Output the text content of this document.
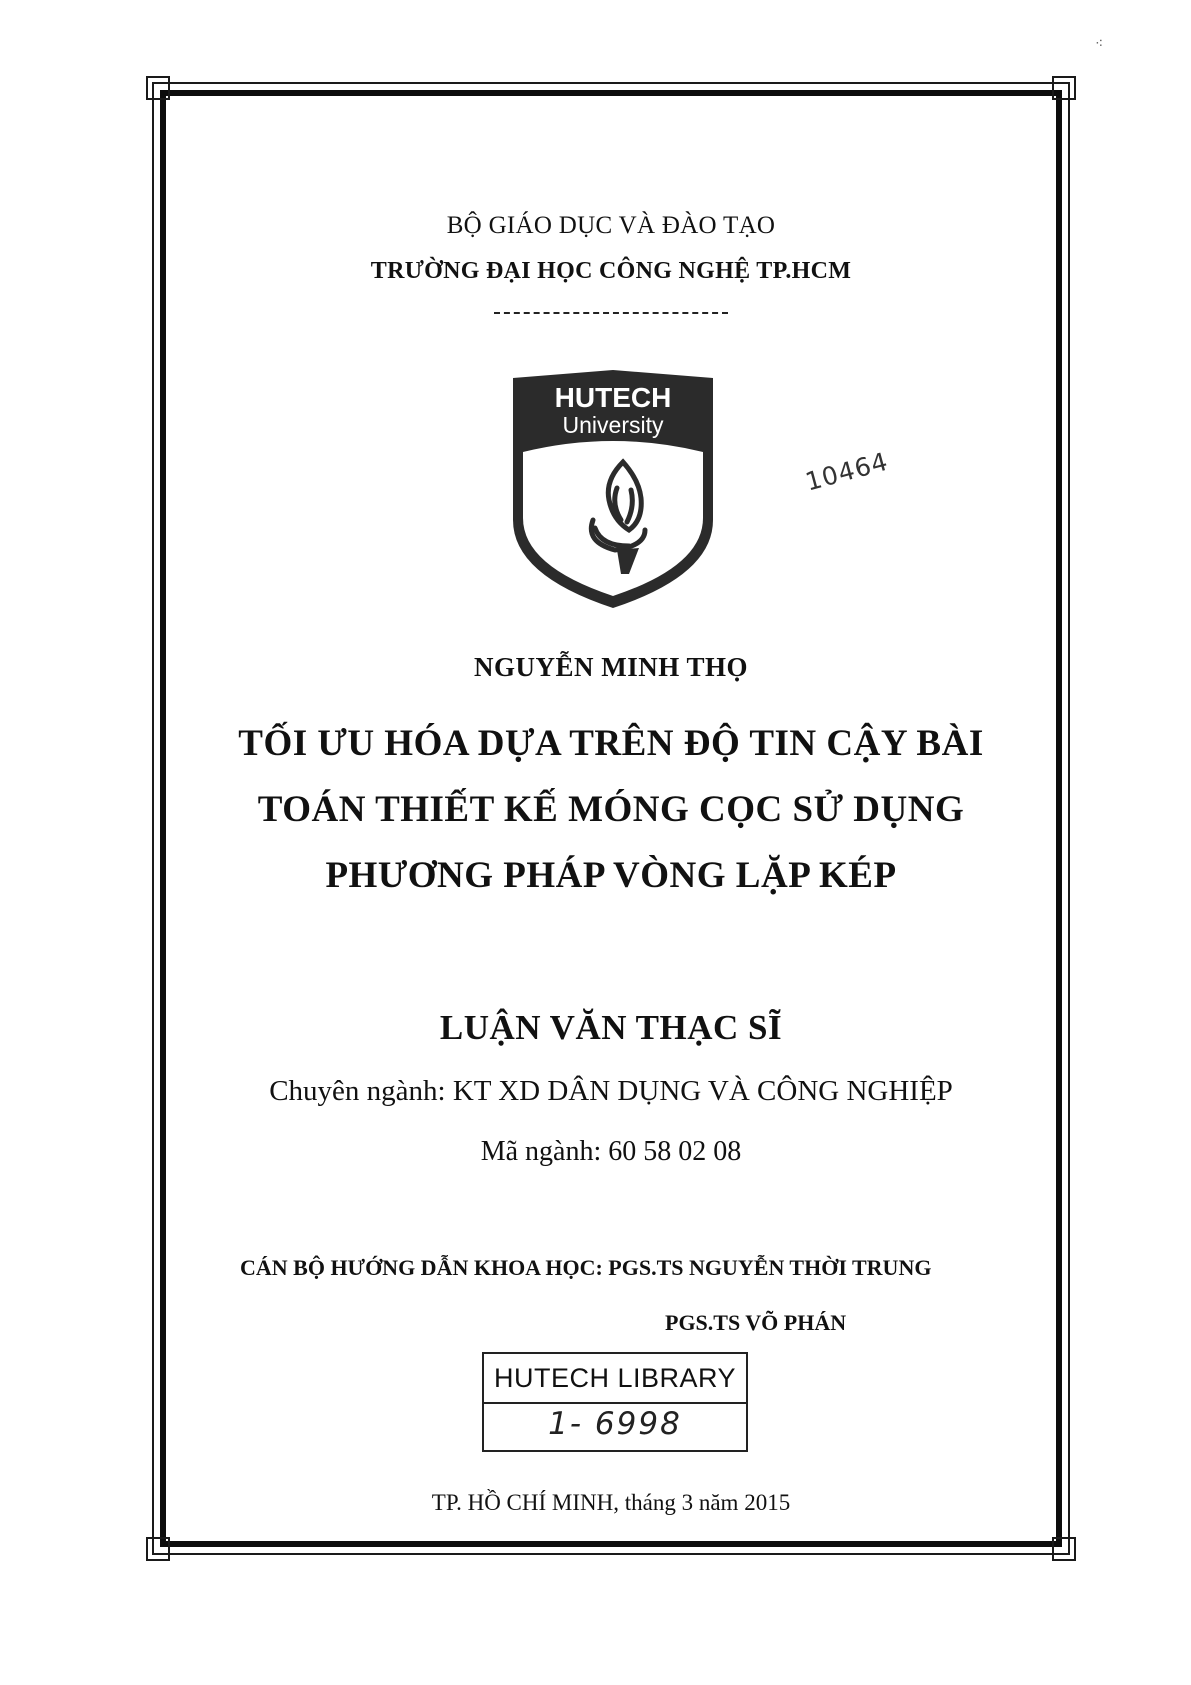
⁖
BỘ GIÁO DỤC VÀ ĐÀO TẠO
TRƯỜNG ĐẠI HỌC CÔNG NGHỆ TP.HCM
HUTECH
University
10464
NGUYỄN MINH THỌ
TỐI ƯU HÓA DỰA TRÊN ĐỘ TIN CẬY BÀI
TOÁN THIẾT KẾ MÓNG CỌC SỬ DỤNG
PHƯƠNG PHÁP VÒNG LẶP KÉP
LUẬN VĂN THẠC SĨ
Chuyên ngành: KT XD DÂN DỤNG VÀ CÔNG NGHIỆP
Mã ngành: 60 58 02 08
CÁN BỘ HƯỚNG DẪN KHOA HỌC: PGS.TS NGUYỄN THỜI TRUNG
PGS.TS VÕ PHÁN
HUTECH LIBRARY
1- 6998
TP. HỒ CHÍ MINH, tháng 3 năm 2015
